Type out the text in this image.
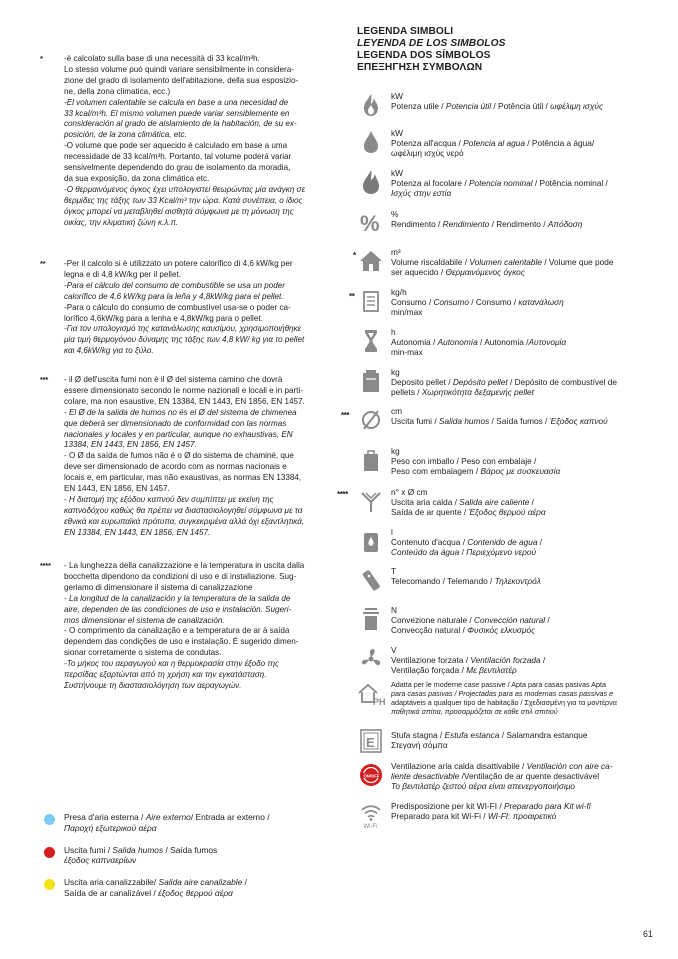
*	-è calcolato sulla base di una necessità di 33 kcal/m³h.

Lo stesso volume può quindi variare sensibilmente in considera-

zione del grado di isolamento dell'abitazione, della sua esposizio-

ne, della zona climatica, ecc.)

-El volumen calentable se calcula en base a una necesidad de

33 kcal/m³h. El mismo volumen puede variar sensiblemente en

consideración al grado de aislamiento de la habitación, de su ex-

posición, de la zona climática, etc.

-O volume que pode ser aquecido é calculado em base a uma

necessidade de 33 kcal/m³h. Portanto, tal volume poderá variar

sensivelmente dependendo do grau de isolamento da moradia,

da sua exposição, da zona climática etc.

-Ο θερμαινόμενος όγκος έχει υπολογιστεί θεωρώντας μία ανάγκη σε

θερμίδες της τάξης των 33 Kcal/m³ την ώρα. Κατά συνέπεια, ο ίδιος

όγκος μπορεί να μεταβληθεί αισθητά σύμφωνα με τη μόνωση της

οικίας, την κλιματική ζώνη κ.λ.π.

** -Per il calcolo si è utilizzato un potere calorifico di 4,6 kW/kg per

legna e di 4,8 kW/kg per il pellet.

-Para el cálculo del consumo de combustible se usa un poder

calorífico de 4,6 kW/kg para la leña y 4,8kW/kg para el pellet.

-Para o cálculo do consumo de combustível usa-se o poder ca-

lorífico 4,6kW/kg para a lenha e 4,8kW/kg para o pellet.

-Για τον υπολογισμό της κατανάλωσης καυσίμου, χρησιμοποιήθηκε

μία τιμή θερμογόνου δύναμης της τάξης των 4,8 kW/ kg για το pellet

και 4,6kW/kg για το ξύλο.

*** - il Ø dell'uscita fumi non è il Ø del sistema camino che dovrà

essere dimensionato secondo le norme nazionali e locali e in parti-

colare, ma non esaustive, EN 13384, EN 1443, EN 1856, EN 1457.

- El Ø de la salida de humos no és el Ø del sistema de chimenea

que deberá ser dimensionado de conformidad con las normas

nacionales y locales y en particular, aunque no exhaustivas, EN

13384, EN 1443, EN 1856, EN 1457.

- O Ø da saída de fumos não é o Ø do sistema de chaminé, que

deve ser dimensionado de acordo com as normas nacionais e

locais e, em particular, mas não exaustivas, as normas EN 13384,

EN 1443, EN 1856, EN 1457.

- Η διατομή της εξόδου καπνού δεν συμπίπτει με εκείνη της

καπνοδόχου καθώς θα πρέπει να διαστασιολογηθεί σύμφωνα με τα

εθνικά και ευρωπαϊκά πρότυπα, συγκεκριμένα αλλά όχι εξαντλητικά,

EN 13384, EN 1443, EN 1856, EN 1457.

**** - La lunghezza della canalizzazione e la temperatura in uscita dalla

bocchetta dipendono da condizioni di uso e di installazione. Sug-

geriamo di dimensionare il sistema di canalizzazione

- La longitud de la canalización y la temperatura de la salida de

aire, dependen de las condiciones de uso e instalación. Sugeri-

mos dimensionar el sistema de canalización.

- O comprimento da canalização e a temperatura de ar à saída

dependem das condições de uso e instalação. É sugerido dimen-

sionar corretamente o sistema de condutas.

-Το μήκος του αεραγωγού και η θερμοκρασία στην έξοδο της

περσίδας εξαρτώνται από τη χρήση και την εγκατάσταση.

Συστήνουμε τη διαστασιολόγηση των αεραγωγών.

LEGENDA SIMBOLI
LEYENDA DE LOS SIMBOLOS
LEGENDA DOS SÍMBOLOS
ΕΠΕΞΗΓΗΣΗ ΣΥΜΒΟΛΩΝ
kW
Potenza utile / Potencia útil / Potência útil / ωφέλιμη ισχύς
kW
Potenza all'acqua / Potencia al agua / Potência a água/
ωφέλιμη ισχύς νερό
kW
Potenza al focolare / Potencia nominal / Potência nominal /
Ισχύς στην εστία
% %
Rendimento / Rendimiento / Rendimento / Απόδοση
*	m³
Volume riscaldabile / Volumen calentable / Volume que pode
ser aquecido / Θερμαινόμενος όγκος
**	kg/h
Consumo / Consumo / Consumo / κατανάλωση
min/max
h
Autonomia / Autonomía / Autonomia /Αυτονομία
min-max
kg
Deposito pellet / Depósito pellet / Depósito de combustível de
pellets / Χωρητικότητα δεξαμενής pellet
***	cm
Uscita fumi / Salida humos / Saída fumos / Έξοδος καπνού
kg
Peso con imballo / Peso con embalaje /
Peso com embalagem / Βάρος με συσκευασία
****	n° x Ø cm
Uscita aria calda / Salida aire caliente /
Saída de ar quente / Έξοδος θερμού αέρα
l
Contenuto d'acqua / Contenido de agua /
Conteúdo da água / Περιεχόμενο νερού
T
Telecomando / Telemando / Τηλεκοντρόλ
N
Convezione naturale / Convección natural /
Convecção natural / Φυσικός ελκυσμός
V
Ventilazione forzata / Ventilación forzada /
Ventilação forçada / Με βεντιλατέρ
PH
Adatta per le moderne case passive / Apta para casas pasivas Apta
para casas pasivas / Projectadas para as modernas casas passivas e
adaptáveis a qualquer tipo de habitação / Σχεδιασμένη για τα μοντέρνα
παθητικά σπίτια, προσαρμόζεται σε κάθε στιλ σπιτιού
E Stufa stagna / Estufa estanca / Salamandra estanque
Στεγανή σόμπα
ON/OFF
Ventilazione aria calda disattivabile / Ventilación con aire ca-
liente desactivable /Ventilação de ar quente desactivável
Το βεντιλατέρ ζεστού αέρα είναι απενεργοποιήσιμο
Wi-Fi
Predisposizione per kit WI-FI / Preparado para Kit wi-fi
Preparado para kit Wi-Fi / WI-FI: προαιρετικό
Presa d'aria esterna / Aire externo/ Entrada ar externo /
Παροχή εξωτερικού αέρα
Uscita fumi / Salida humos / Saída fumos
έξοδος καπναερίων
Uscita aria canalizzabile/ Salida aire canalizable /
Saída de ar canalizável / έξοδος θερμού αέρα
61
